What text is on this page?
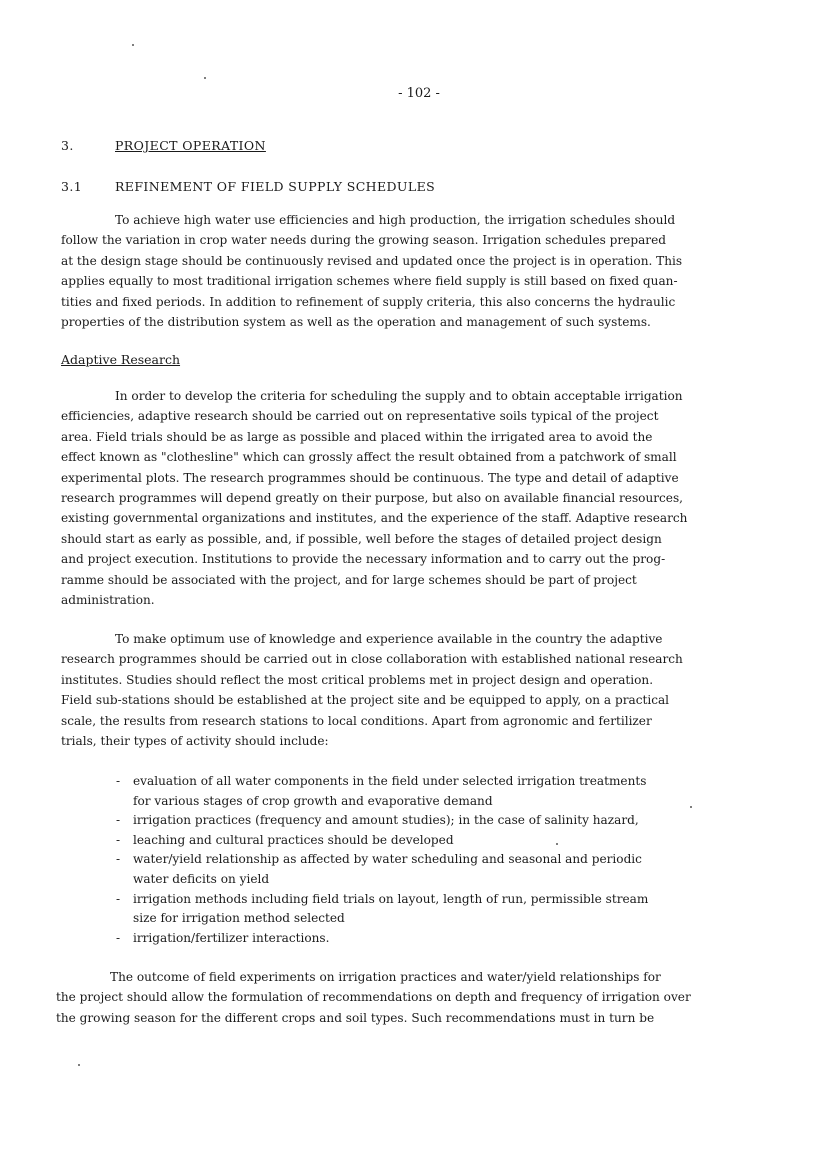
- 102 -
3.	PROJECT OPERATION
3.1	REFINEMENT OF FIELD SUPPLY SCHEDULES
To achieve high water use efficiencies and high production, the irrigation schedules should
follow the variation in crop water needs during the growing season. Irrigation schedules prepared
at the design stage should be continuously revised and updated once the project is in operation. This
applies equally to most traditional irrigation schemes where field supply is still based on fixed quan-
tities and fixed periods. In addition to refinement of supply criteria, this also concerns the hydraulic
properties of the distribution system as well as the operation and management of such systems.
Adaptive Research
In order to develop the criteria for scheduling the supply and to obtain acceptable irrigation
efficiencies, adaptive research should be carried out on representative soils typical of the project
area. Field trials should be as large as possible and placed within the irrigated area to avoid the
effect known as "clothesline" which can grossly affect the result obtained from a patchwork of small
experimental plots. The research programmes should be continuous. The type and detail of adaptive
research programmes will depend greatly on their purpose, but also on available financial resources,
existing governmental organizations and institutes, and the experience of the staff. Adaptive research
should start as early as possible, and, if possible, well before the stages of detailed project design
and project execution. Institutions to provide the necessary information and to carry out the prog-
ramme should be associated with the project, and for large schemes should be part of project
administration.
To make optimum use of knowledge and experience available in the country the adaptive
research programmes should be carried out in close collaboration with established national research
institutes. Studies should reflect the most critical problems met in project design and operation.
Field sub-stations should be established at the project site and be equipped to apply, on a practical
scale, the results from research stations to local conditions. Apart from agronomic and fertilizer
trials, their types of activity should include:
- evaluation of all water components in the field under selected irrigation treatments
for various stages of crop growth and evaporative demand
- irrigation practices (frequency and amount studies); in the case of salinity hazard,
- leaching and cultural practices should be developed
- water/yield relationship as affected by water scheduling and seasonal and periodic
water deficits on yield
- irrigation methods including field trials on layout, length of run, permissible stream
size for irrigation method selected
- irrigation/fertilizer interactions.
The outcome of field experiments on irrigation practices and water/yield relationships for
the project should allow the formulation of recommendations on depth and frequency of irrigation over
the growing season for the different crops and soil types. Such recommendations must in turn be
